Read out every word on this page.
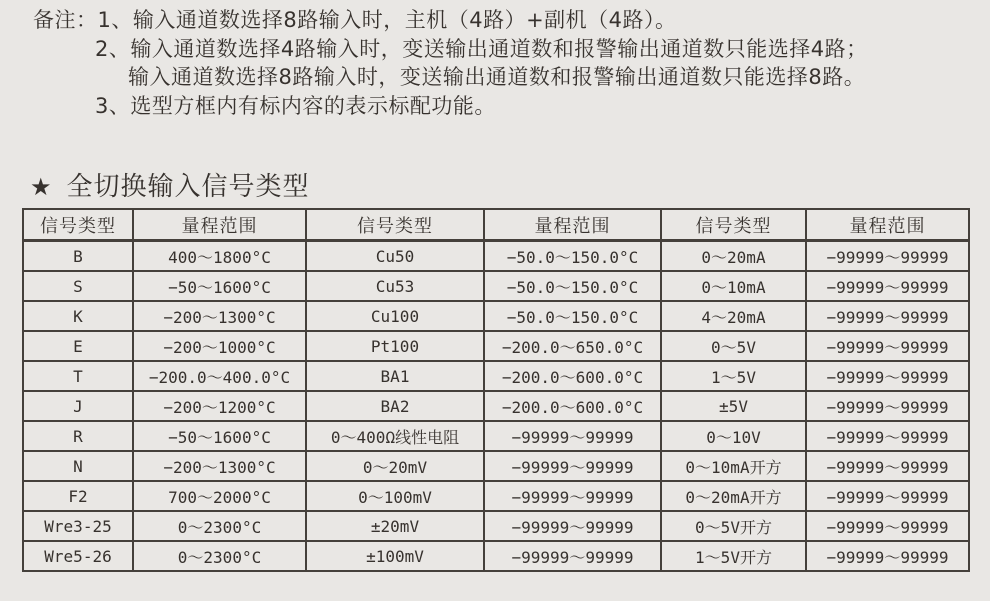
备注：1、输入通道数选择8路输入时，主机（4路）+副机（4路）。
2、输入通道数选择4路输入时，变送输出通道数和报警输出通道数只能选择4路；
输入通道数选择8路输入时，变送输出通道数和报警输出通道数只能选择8路。
3、选型方框内有标内容的表示标配功能。
★ 全切换输入信号类型
信号类型	量程范围	信号类型	量程范围	信号类型	量程范围
B	400～1800°C	Cu50	−50.0～150.0°C	0～20mA	−99999～99999
S	−50～1600°C	Cu53	−50.0～150.0°C	0～10mA	−99999～99999
K	−200～1300°C	Cu100	−50.0～150.0°C	4～20mA	−99999～99999
E	−200～1000°C	Pt100	−200.0～650.0°C	0～5V	−99999～99999
T	−200.0～400.0°C	BA1	−200.0～600.0°C	1～5V	−99999～99999
J	−200～1200°C	BA2	−200.0～600.0°C	±5V	−99999～99999
R	−50～1600°C	0～400Ω线性电阻	−99999～99999	0～10V	−99999～99999
N	−200～1300°C	0～20mV	−99999～99999	0～10mA开方	−99999～99999
F2	700～2000°C	0～100mV	−99999～99999	0～20mA开方	−99999～99999
Wre3-25	0～2300°C	±20mV	−99999～99999	0～5V开方	−99999～99999
Wre5-26	0～2300°C	±100mV	−99999～99999	1～5V开方	−99999～99999
